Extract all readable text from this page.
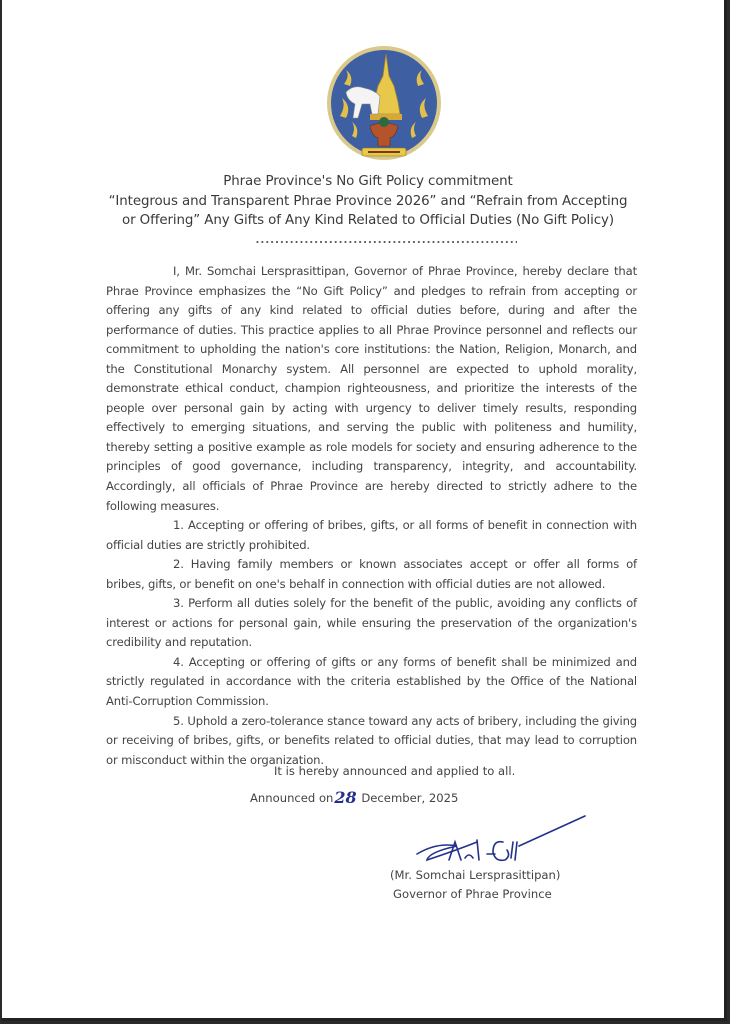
Phrae Province's No Gift Policy commitment
“Integrous and Transparent Phrae Province 2026” and “Refrain from Accepting
or Offering” Any Gifts of Any Kind Related to Official Duties (No Gift Policy)

I, Mr. Somchai Lersprasittipan, Governor of Phrae Province, hereby declare that Phrae Province emphasizes the “No Gift Policy” and pledges to refrain from accepting or offering any gifts of any kind related to official duties before, during and after the performance of duties. This practice applies to all Phrae Province personnel and reflects our commitment to upholding the nation's core institutions: the Nation, Religion, Monarch, and the Constitutional Monarchy system. All personnel are expected to uphold morality, demonstrate ethical conduct, champion righteousness, and prioritize the interests of the people over personal gain by acting with urgency to deliver timely results, responding effectively to emerging situations, and serving the public with politeness and humility, thereby setting a positive example as role models for society and ensuring adherence to the principles of good governance, including transparency, integrity, and accountability. Accordingly, all officials of Phrae Province are hereby directed to strictly adhere to the following measures.

1. Accepting or offering of bribes, gifts, or all forms of benefit in connection with official duties are strictly prohibited.

2. Having family members or known associates accept or offer all forms of bribes, gifts, or benefit on one's behalf in connection with official duties are not allowed.

3. Perform all duties solely for the benefit of the public, avoiding any conflicts of interest or actions for personal gain, while ensuring the preservation of the organization's credibility and reputation.

4. Accepting or offering of gifts or any forms of benefit shall be minimized and strictly regulated in accordance with the criteria established by the Office of the National Anti-Corruption Commission.

5. Uphold a zero-tolerance stance toward any acts of bribery, including the giving or receiving of bribes, gifts, or benefits related to official duties, that may lead to corruption or misconduct within the organization.

It is hereby announced and applied to all.
Announced on28 December, 2025
(Mr. Somchai Lersprasittipan)
Governor of Phrae Province
